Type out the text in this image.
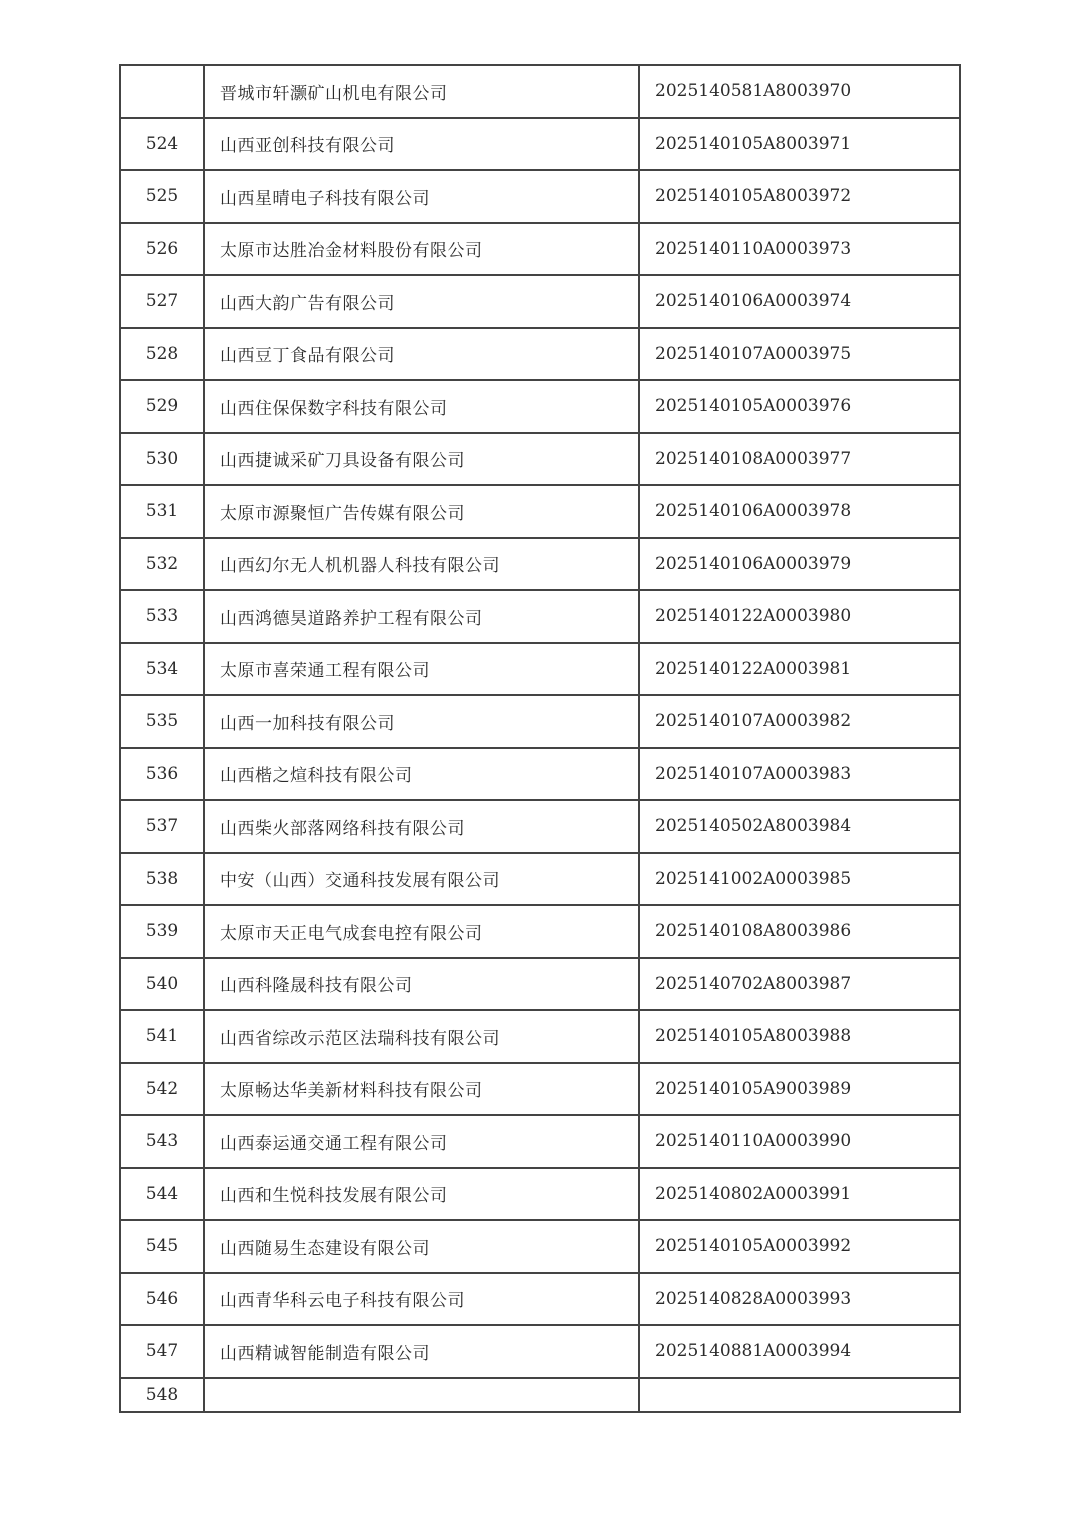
	晋城市轩灏矿山机电有限公司	2025140581A8003970
524	山西亚创科技有限公司	2025140105A8003971
525	山西星晴电子科技有限公司	2025140105A8003972
526	太原市达胜冶金材料股份有限公司	2025140110A0003973
527	山西大韵广告有限公司	2025140106A0003974
528	山西豆丁食品有限公司	2025140107A0003975
529	山西住保保数字科技有限公司	2025140105A0003976
530	山西捷诚采矿刀具设备有限公司	2025140108A0003977
531	太原市源聚恒广告传媒有限公司	2025140106A0003978
532	山西幻尔无人机机器人科技有限公司	2025140106A0003979
533	山西鸿德昊道路养护工程有限公司	2025140122A0003980
534	太原市喜荣通工程有限公司	2025140122A0003981
535	山西一加科技有限公司	2025140107A0003982
536	山西楷之煊科技有限公司	2025140107A0003983
537	山西柴火部落网络科技有限公司	2025140502A8003984
538	中安（山西）交通科技发展有限公司	2025141002A0003985
539	太原市天正电气成套电控有限公司	2025140108A8003986
540	山西科隆晟科技有限公司	2025140702A8003987
541	山西省综改示范区法瑞科技有限公司	2025140105A8003988
542	太原畅达华美新材料科技有限公司	2025140105A9003989
543	山西泰运通交通工程有限公司	2025140110A0003990
544	山西和生悦科技发展有限公司	2025140802A0003991
545	山西随易生态建设有限公司	2025140105A0003992
546	山西青华科云电子科技有限公司	2025140828A0003993
547	山西精诚智能制造有限公司	2025140881A0003994
548		
